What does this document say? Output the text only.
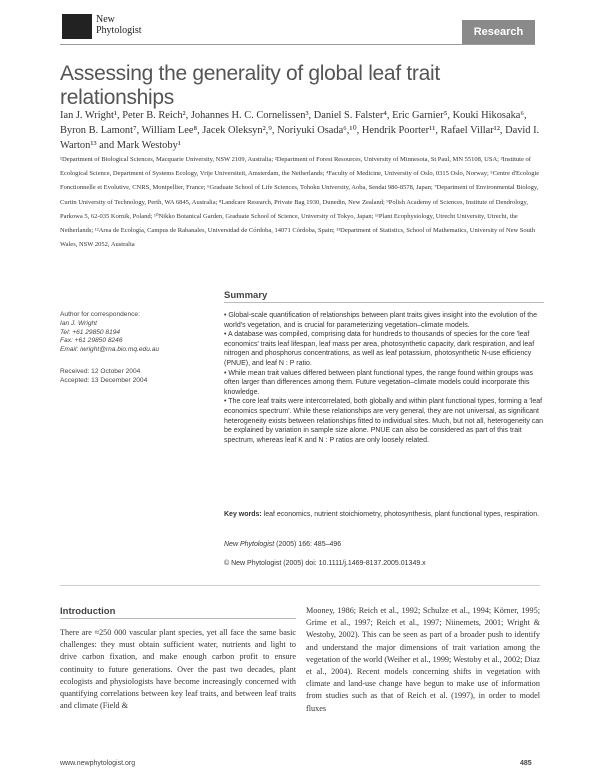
New
Phytologist	Research
Assessing the generality of global leaf trait relationships
Ian J. Wright¹, Peter B. Reich², Johannes H. C. Cornelissen³, Daniel S. Falster⁴, Eric Garnier⁵, Kouki Hikosaka⁶, Byron B. Lamont⁷, William Lee⁸, Jacek Oleksyn²,⁹, Noriyuki Osada⁶,¹⁰, Hendrik Poorter¹¹, Rafael Villar¹², David I. Warton¹³ and Mark Westoby¹
¹Department of Biological Sciences, Macquarie University, NSW 2109, Australia; ²Department of Forest Resources, University of Minnesota, St Paul, MN 55108, USA; ³Institute of Ecological Science, Department of Systems Ecology, Vrije Universiteit, Amsterdam, the Netherlands; ⁴Faculty of Medicine, University of Oslo, 0315 Oslo, Norway; ⁵Centre d'Ecologie Fonctionnelle et Evolutive, CNRS, Montpellier, France; ⁶Graduate School of Life Sciences, Tohoku University, Aoba, Sendai 980-8578, Japan; ⁷Department of Environmental Biology, Curtin University of Technology, Perth, WA 6845, Australia; ⁸Landcare Research, Private Bag 1930, Dunedin, New Zealand; ⁹Polish Academy of Sciences, Institute of Dendrology, Parkowa 5, 62-035 Kornik, Poland; ¹⁰Nikko Botanical Garden, Graduate School of Science, University of Tokyo, Japan; ¹¹Plant Ecophysiology, Utrecht University, Utrecht, the Netherlands; ¹²Area de Ecología, Campus de Rabanales, Universidad de Córdoba, 14071 Córdoba, Spain; ¹³Department of Statistics, School of Mathematics, University of New South Wales, NSW 2052, Australia
Summary
Author for correspondence:
Ian J. Wright
Tel: +61 29850 8194
Fax: +61 29850 8246
Email: iwright@rna.bio.mq.edu.au
Received: 12 October 2004
Accepted: 13 December 2004

• Global-scale quantification of relationships between plant traits gives insight into the evolution of the world's vegetation, and is crucial for parameterizing vegetation–climate models.

• A database was compiled, comprising data for hundreds to thousands of species for the core 'leaf economics' traits leaf lifespan, leaf mass per area, photosynthetic capacity, dark respiration, and leaf nitrogen and phosphorus concentrations, as well as leaf potassium, photosynthetic N-use efficiency (PNUE), and leaf N : P ratio.

• While mean trait values differed between plant functional types, the range found within groups was often larger than differences among them. Future vegetation–climate models could incorporate this knowledge.

• The core leaf traits were intercorrelated, both globally and within plant functional types, forming a 'leaf economics spectrum'. While these relationships are very general, they are not universal, as significant heterogeneity exists between relationships fitted to individual sites. Much, but not all, heterogeneity can be explained by variation in sample size alone. PNUE can also be considered as part of this trait spectrum, whereas leaf K and N : P ratios are only loosely related.

Key words: leaf economics, nutrient stoichiometry, photosynthesis, plant functional types, respiration.
New Phytologist (2005) 166: 485–496
© New Phytologist (2005) doi: 10.1111/j.1469-8137.2005.01349.x
Introduction
There are ≈250 000 vascular plant species, yet all face the same basic challenges: they must obtain sufficient water, nutrients and light to drive carbon fixation, and make enough carbon profit to ensure continuity to future generations. Over the past two decades, plant ecologists and physiologists have become increasingly concerned with quantifying correlations between key leaf traits, and between leaf traits and climate (Field &
Mooney, 1986; Reich et al., 1992; Schulze et al., 1994; Körner, 1995; Grime et al., 1997; Reich et al., 1997; Niinemets, 2001; Wright & Westoby, 2002). This can be seen as part of a broader push to identify and understand the major dimensions of trait variation among the vegetation of the world (Weiher et al., 1999; Westoby et al., 2002; Diaz et al., 2004). Recent models concerning shifts in vegetation with climate and land-use change have begun to make use of information from studies such as that of Reich et al. (1997), in order to model fluxes
www.newphytologist.org	485
